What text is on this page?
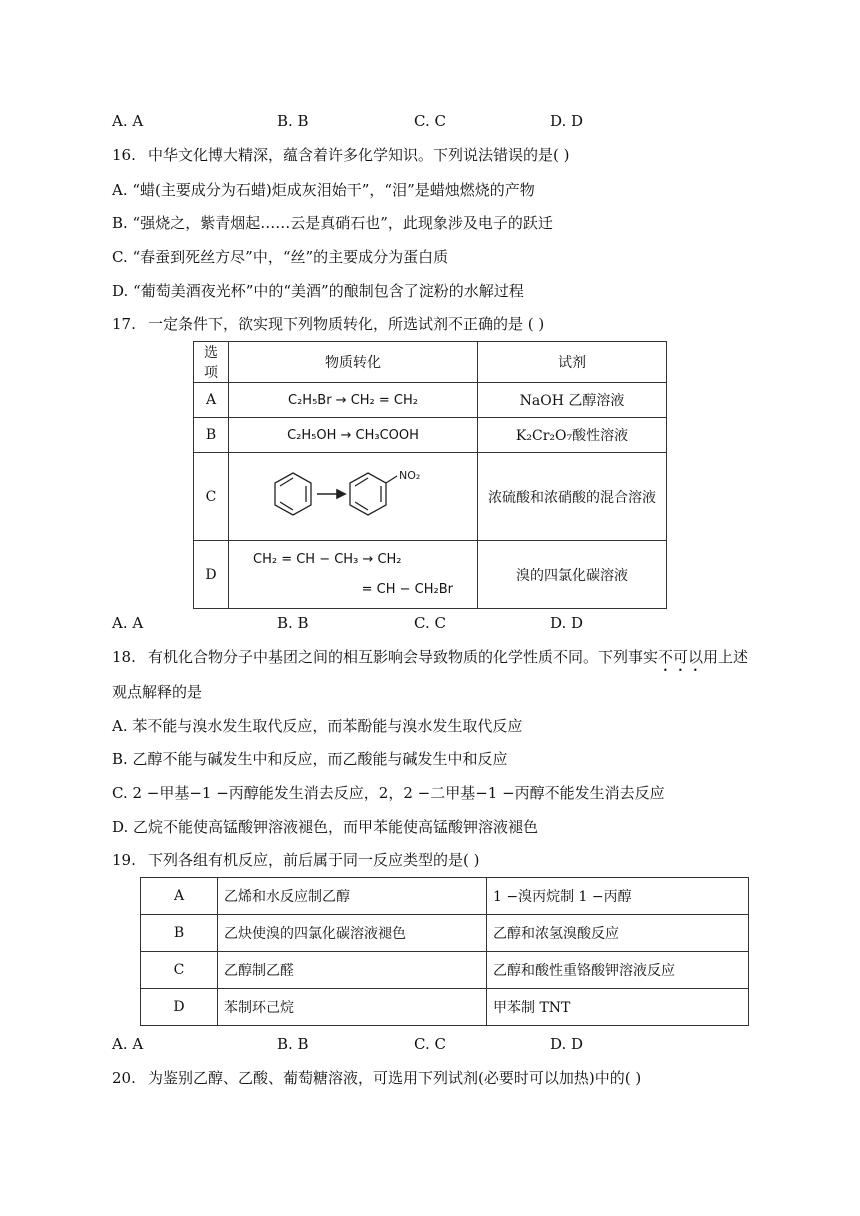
A. A	B. B	C. C	D. D
16. 中华文化博大精深，蕴含着许多化学知识。下列说法错误的是( )
A. “蜡(主要成分为石蜡)炬成灰泪始干”，“泪”是蜡烛燃烧的产物
B. “强烧之，紫青烟起……云是真硝石也”，此现象涉及电子的跃迁
C. “春蚕到死丝方尽”中，“丝”的主要成分为蛋白质
D. “葡萄美酒夜光杯”中的“美酒”的酿制包含了淀粉的水解过程
17. 一定条件下，欲实现下列物质转化，所选试剂不正确的是 ( )
选项	物质转化	试剂
A	C₂H₅Br → CH₂ = CH₂	NaOH 乙醇溶液
B	C₂H₅OH → CH₃COOH	K₂Cr₂O₇酸性溶液
C	NO₂	浓硫酸和浓硝酸的混合溶液
D	CH₂ = CH − CH₃ → CH₂
= CH − CH₂Br	溴的四氯化碳溶液
A. A	B. B	C. C	D. D
18. 有机化合物分子中基团之间的相互影响会导致物质的化学性质不同。下列事实不可以用上述
观点解释的是
A. 苯不能与溴水发生取代反应，而苯酚能与溴水发生取代反应
B. 乙醇不能与碱发生中和反应，而乙酸能与碱发生中和反应
C. 2 −甲基−1 −丙醇能发生消去反应，2，2 −二甲基−1 −丙醇不能发生消去反应
D. 乙烷不能使高锰酸钾溶液褪色，而甲苯能使高锰酸钾溶液褪色
19. 下列各组有机反应，前后属于同一反应类型的是( )
A	乙烯和水反应制乙醇	1 −溴丙烷制 1 −丙醇
B	乙炔使溴的四氯化碳溶液褪色	乙醇和浓氢溴酸反应
C	乙醇制乙醛	乙醇和酸性重铬酸钾溶液反应
D	苯制环己烷	甲苯制 TNT
A. A	B. B	C. C	D. D
20. 为鉴别乙醇、乙酸、葡萄糖溶液，可选用下列试剂(必要时可以加热)中的( )
